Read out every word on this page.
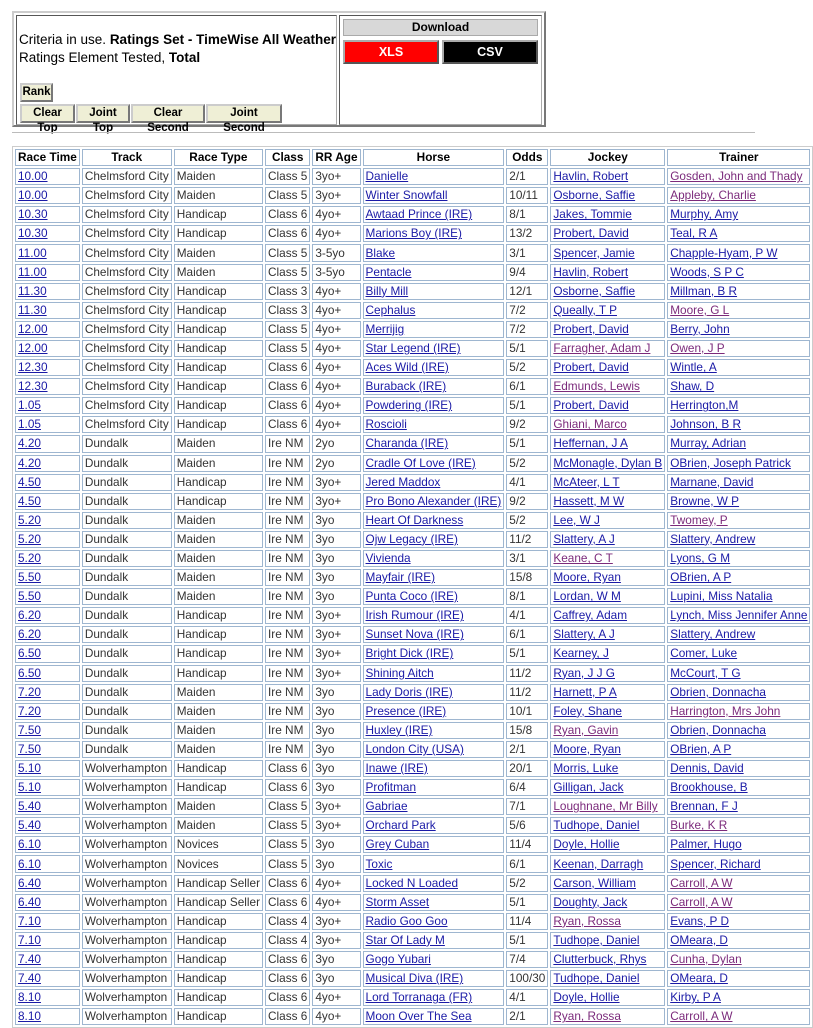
Criteria in use. Ratings Set - TimeWise All Weather
Ratings Element Tested, Total
Rank
Clear Top
Joint Top
Clear Second
Joint Second
Download
XLS	CSV
Race Time	Track	Race Type	Class	RR Age	Horse	Odds	Jockey	Trainer
10.00	Chelmsford City	Maiden	Class 5	3yo+	Danielle	2/1	Havlin, Robert	Gosden, John and Thady
10.00	Chelmsford City	Maiden	Class 5	3yo+	Winter Snowfall	10/11	Osborne, Saffie	Appleby, Charlie
10.30	Chelmsford City	Handicap	Class 6	4yo+	Awtaad Prince (IRE)	8/1	Jakes, Tommie	Murphy, Amy
10.30	Chelmsford City	Handicap	Class 6	4yo+	Marions Boy (IRE)	13/2	Probert, David	Teal, R A
11.00	Chelmsford City	Maiden	Class 5	3-5yo	Blake	3/1	Spencer, Jamie	Chapple-Hyam, P W
11.00	Chelmsford City	Maiden	Class 5	3-5yo	Pentacle	9/4	Havlin, Robert	Woods, S P C
11.30	Chelmsford City	Handicap	Class 3	4yo+	Billy Mill	12/1	Osborne, Saffie	Millman, B R
11.30	Chelmsford City	Handicap	Class 3	4yo+	Cephalus	7/2	Queally, T P	Moore, G L
12.00	Chelmsford City	Handicap	Class 5	4yo+	Merrijig	7/2	Probert, David	Berry, John
12.00	Chelmsford City	Handicap	Class 5	4yo+	Star Legend (IRE)	5/1	Farragher, Adam J	Owen, J P
12.30	Chelmsford City	Handicap	Class 6	4yo+	Aces Wild (IRE)	5/2	Probert, David	Wintle, A
12.30	Chelmsford City	Handicap	Class 6	4yo+	Buraback (IRE)	6/1	Edmunds, Lewis	Shaw, D
1.05	Chelmsford City	Handicap	Class 6	4yo+	Powdering (IRE)	5/1	Probert, David	Herrington,M
1.05	Chelmsford City	Handicap	Class 6	4yo+	Roscioli	9/2	Ghiani, Marco	Johnson, B R
4.20	Dundalk	Maiden	Ire NM	2yo	Charanda (IRE)	5/1	Heffernan, J A	Murray, Adrian
4.20	Dundalk	Maiden	Ire NM	2yo	Cradle Of Love (IRE)	5/2	McMonagle, Dylan B	OBrien, Joseph Patrick
4.50	Dundalk	Handicap	Ire NM	3yo+	Jered Maddox	4/1	McAteer, L T	Marnane, David
4.50	Dundalk	Handicap	Ire NM	3yo+	Pro Bono Alexander (IRE)	9/2	Hassett, M W	Browne, W P
5.20	Dundalk	Maiden	Ire NM	3yo	Heart Of Darkness	5/2	Lee, W J	Twomey, P
5.20	Dundalk	Maiden	Ire NM	3yo	Ojw Legacy (IRE)	11/2	Slattery, A J	Slattery, Andrew
5.20	Dundalk	Maiden	Ire NM	3yo	Vivienda	3/1	Keane, C T	Lyons, G M
5.50	Dundalk	Maiden	Ire NM	3yo	Mayfair (IRE)	15/8	Moore, Ryan	OBrien, A P
5.50	Dundalk	Maiden	Ire NM	3yo	Punta Coco (IRE)	8/1	Lordan, W M	Lupini, Miss Natalia
6.20	Dundalk	Handicap	Ire NM	3yo+	Irish Rumour (IRE)	4/1	Caffrey, Adam	Lynch, Miss Jennifer Anne
6.20	Dundalk	Handicap	Ire NM	3yo+	Sunset Nova (IRE)	6/1	Slattery, A J	Slattery, Andrew
6.50	Dundalk	Handicap	Ire NM	3yo+	Bright Dick (IRE)	5/1	Kearney, J	Comer, Luke
6.50	Dundalk	Handicap	Ire NM	3yo+	Shining Aitch	11/2	Ryan, J J G	McCourt, T G
7.20	Dundalk	Maiden	Ire NM	3yo	Lady Doris (IRE)	11/2	Harnett, P A	Obrien, Donnacha
7.20	Dundalk	Maiden	Ire NM	3yo	Presence (IRE)	10/1	Foley, Shane	Harrington, Mrs John
7.50	Dundalk	Maiden	Ire NM	3yo	Huxley (IRE)	15/8	Ryan, Gavin	Obrien, Donnacha
7.50	Dundalk	Maiden	Ire NM	3yo	London City (USA)	2/1	Moore, Ryan	OBrien, A P
5.10	Wolverhampton	Handicap	Class 6	3yo	Inawe (IRE)	20/1	Morris, Luke	Dennis, David
5.10	Wolverhampton	Handicap	Class 6	3yo	Profitman	6/4	Gilligan, Jack	Brookhouse, B
5.40	Wolverhampton	Maiden	Class 5	3yo+	Gabriae	7/1	Loughnane, Mr Billy	Brennan, F J
5.40	Wolverhampton	Maiden	Class 5	3yo+	Orchard Park	5/6	Tudhope, Daniel	Burke, K R
6.10	Wolverhampton	Novices	Class 5	3yo	Grey Cuban	11/4	Doyle, Hollie	Palmer, Hugo
6.10	Wolverhampton	Novices	Class 5	3yo	Toxic	6/1	Keenan, Darragh	Spencer, Richard
6.40	Wolverhampton	Handicap Seller	Class 6	4yo+	Locked N Loaded	5/2	Carson, William	Carroll, A W
6.40	Wolverhampton	Handicap Seller	Class 6	4yo+	Storm Asset	5/1	Doughty, Jack	Carroll, A W
7.10	Wolverhampton	Handicap	Class 4	3yo+	Radio Goo Goo	11/4	Ryan, Rossa	Evans, P D
7.10	Wolverhampton	Handicap	Class 4	3yo+	Star Of Lady M	5/1	Tudhope, Daniel	OMeara, D
7.40	Wolverhampton	Handicap	Class 6	3yo	Gogo Yubari	7/4	Clutterbuck, Rhys	Cunha, Dylan
7.40	Wolverhampton	Handicap	Class 6	3yo	Musical Diva (IRE)	100/30	Tudhope, Daniel	OMeara, D
8.10	Wolverhampton	Handicap	Class 6	4yo+	Lord Torranaga (FR)	4/1	Doyle, Hollie	Kirby, P A
8.10	Wolverhampton	Handicap	Class 6	4yo+	Moon Over The Sea	2/1	Ryan, Rossa	Carroll, A W
